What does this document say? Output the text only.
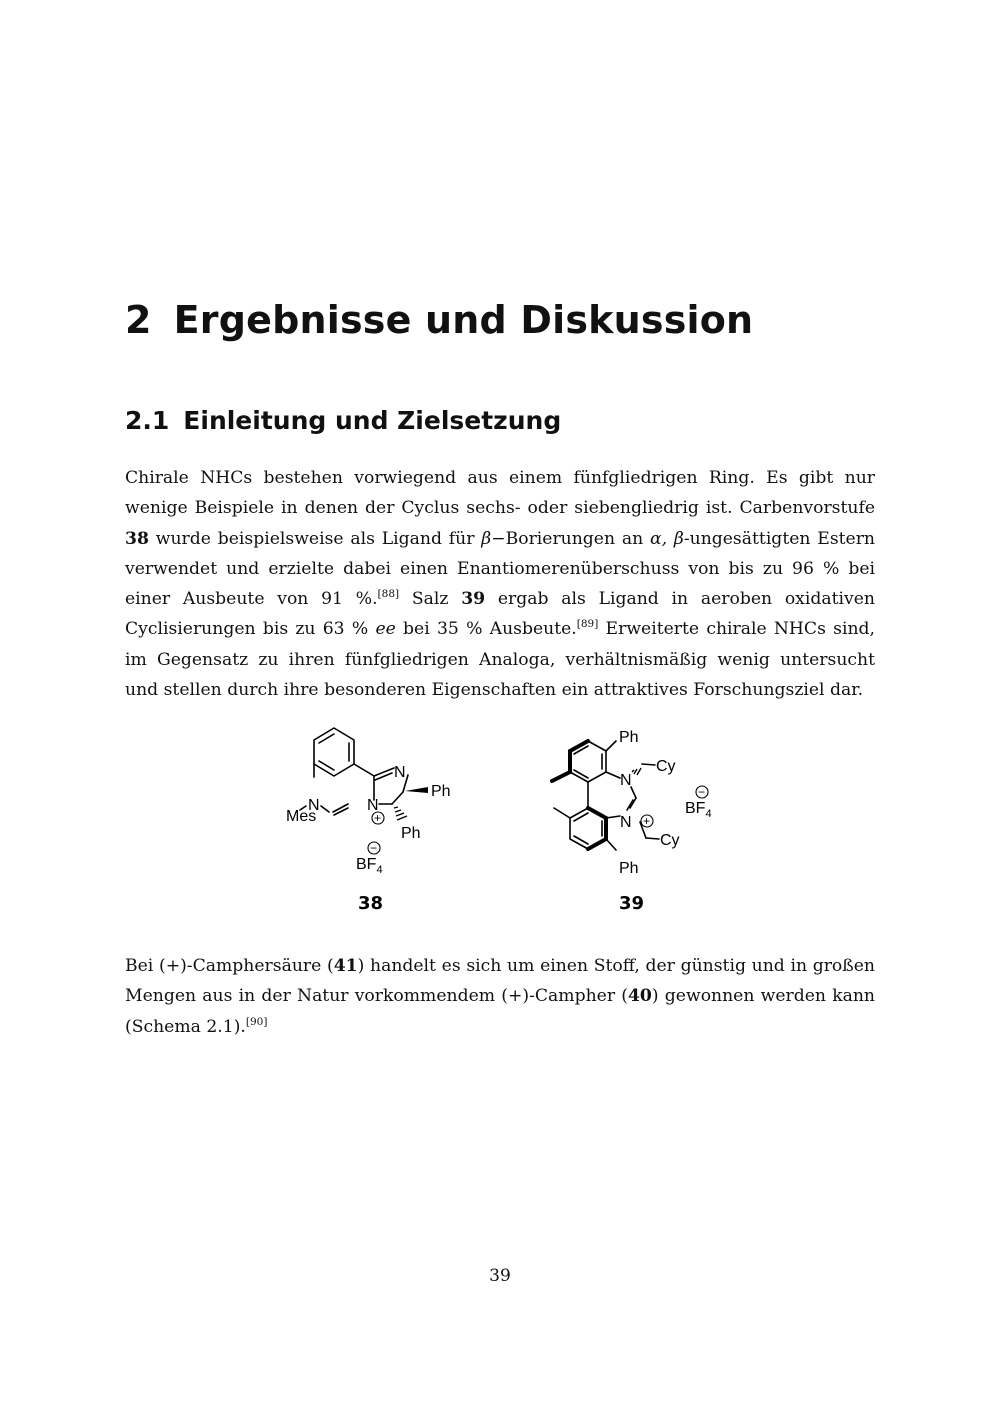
2 Ergebnisse und Diskussion
2.1 Einleitung und Zielsetzung

Chirale NHCs bestehen vorwiegend aus einem fünfgliedrigen Ring. Es gibt nur wenige Beispiele in denen der Cyclus sechs- oder siebengliedrig ist. Carbenvorstufe 38 wurde beispielsweise als Ligand für β−Borierungen an α, β-ungesättigten Estern verwendet und erzielte dabei einen Enantiomerenüberschuss von bis zu 96 % bei einer Ausbeute von 91 %.[88] Salz 39 ergab als Ligand in aeroben oxidativen Cyclisierungen bis zu 63 % ee bei 35 % Ausbeute.[89] Erweiterte chirale NHCs sind, im Gegensatz zu ihren fünfgliedrigen Analoga, verhältnismäßig wenig untersucht und stellen durch ihre besonderen Eigenschaften ein attraktives Forschungsziel dar.

N
N	N
Mes
Ph
Ph
+
−
$BF_4$
38
Ph
N
Cy
N
Cy
Ph
+
−
$BF_4$
39

Bei (+)-Camphersäure (41) handelt es sich um einen Stoff, der günstig und in großen Mengen aus in der Natur vorkommendem (+)-Campher (40) gewonnen werden kann (Schema 2.1).[90]

39
